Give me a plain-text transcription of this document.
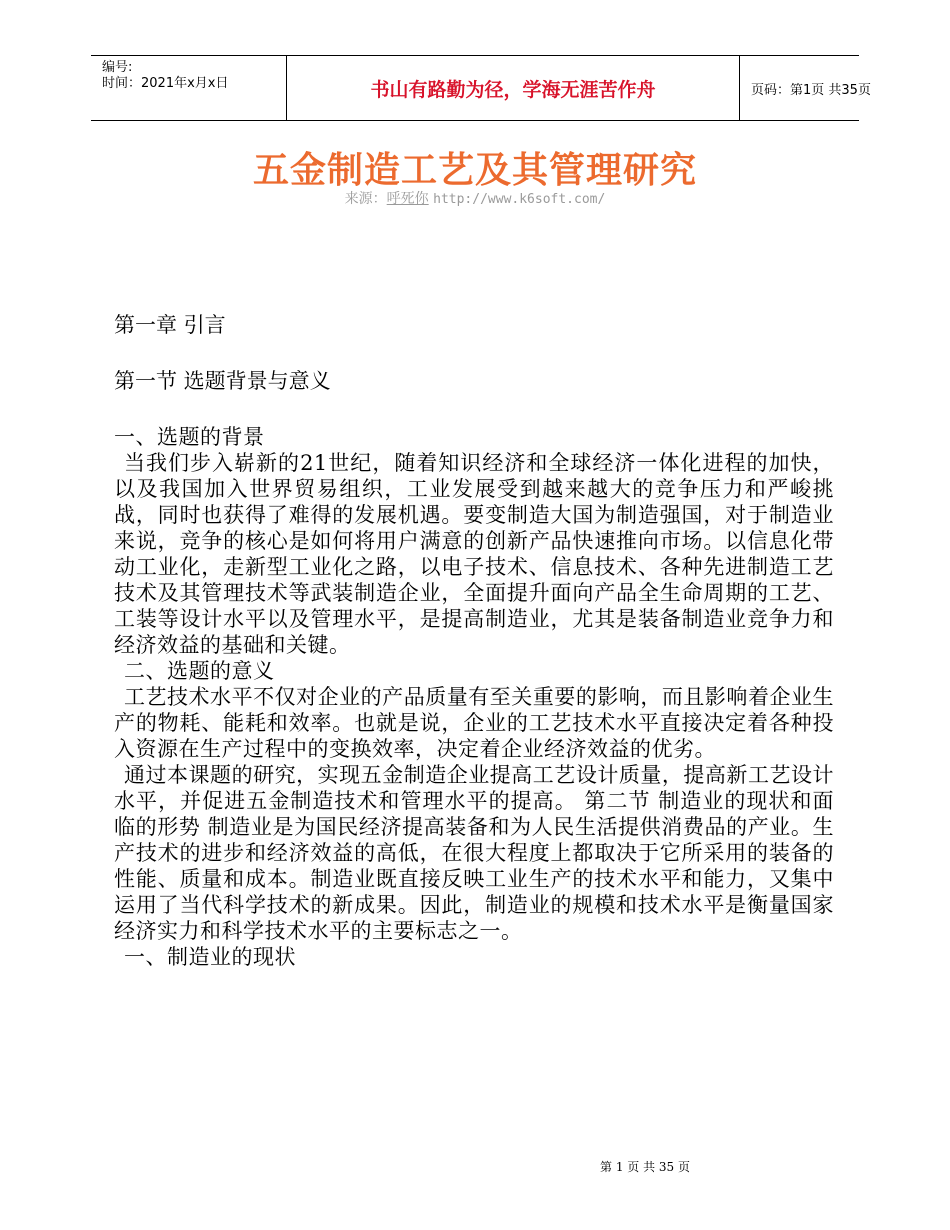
编号:
时间：2021年x月x日	书山有路勤为径，学海无涯苦作舟	页码：第1页 共35页
五金制造工艺及其管理研究
来源：呼死你 http://www.k6soft.com/
第一章 引言
第一节 选题背景与意义
一、选题的背景
当我们步入崭新的21世纪，随着知识经济和全球经济一体化进程的加快，以及我国加入世界贸易组织，工业发展受到越来越大的竞争压力和严峻挑战，同时也获得了难得的发展机遇。要变制造大国为制造强国，对于制造业来说，竞争的核心是如何将用户满意的创新产品快速推向市场。以信息化带动工业化，走新型工业化之路，以电子技术、信息技术、各种先进制造工艺技术及其管理技术等武装制造企业，全面提升面向产品全生命周期的工艺、工装等设计水平以及管理水平，是提高制造业，尤其是装备制造业竞争力和经济效益的基础和关键。
二、选题的意义
工艺技术水平不仅对企业的产品质量有至关重要的影响，而且影响着企业生产的物耗、能耗和效率。也就是说，企业的工艺技术水平直接决定着各种投入资源在生产过程中的变换效率，决定着企业经济效益的优劣。
通过本课题的研究，实现五金制造企业提高工艺设计质量，提高新工艺设计水平，并促进五金制造技术和管理水平的提高。 第二节 制造业的现状和面临的形势 制造业是为国民经济提高装备和为人民生活提供消费品的产业。生产技术的进步和经济效益的高低，在很大程度上都取决于它所采用的装备的性能、质量和成本。制造业既直接反映工业生产的技术水平和能力，又集中运用了当代科学技术的新成果。因此，制造业的规模和技术水平是衡量国家经济实力和科学技术水平的主要标志之一。
一、制造业的现状
第 1 页 共 35 页
